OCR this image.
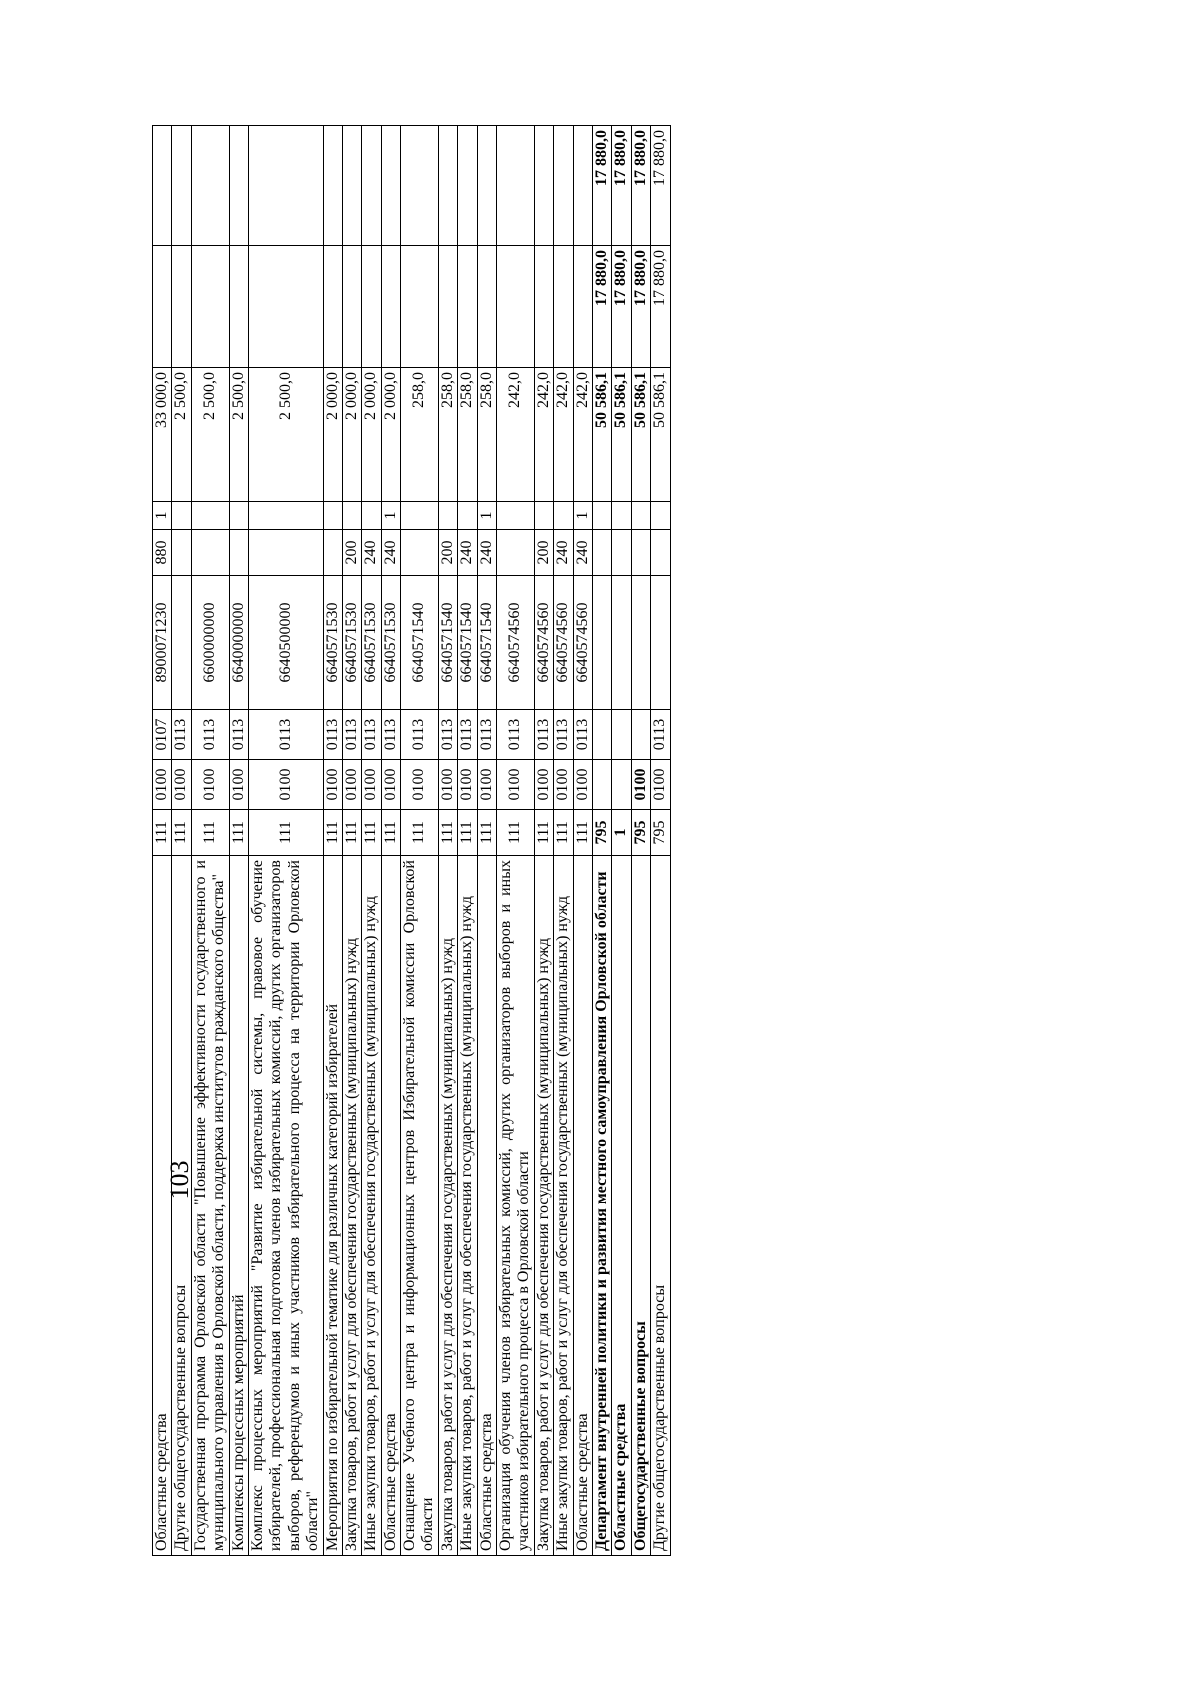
103
Областные средства	111	0100	0107	8900071230	880	1	33 000,0		
Другие общегосударственные вопросы	111	0100	0113				2 500,0		
Государственная программа Орловской области "Повышение эффективности государственного и муниципального управления в Орловской области, поддержка институтов гражданского общества"	111	0100	0113	6600000000			2 500,0		
Комплексы процессных мероприятий	111	0100	0113	6640000000			2 500,0		
Комплекс процессных мероприятий "Развитие избирательной системы, правовое обучение избирателей, профессиональная подготовка членов избирательных комиссий, других организаторов выборов, референдумов и иных участников избирательного процесса на территории Орловской области"	111	0100	0113	6640500000			2 500,0		
Мероприятия по избирательной тематике для различных категорий избирателей	111	0100	0113	6640571530			2 000,0		
Закупка товаров, работ и услуг для обеспечения государственных (муниципальных) нужд	111	0100	0113	6640571530	200		2 000,0		
Иные закупки товаров, работ и услуг для обеспечения государственных (муниципальных) нужд	111	0100	0113	6640571530	240		2 000,0		
Областные средства	111	0100	0113	6640571530	240	1	2 000,0		
Оснащение Учебного центра и информационных центров Избирательной комиссии Орловской области	111	0100	0113	6640571540			258,0		
Закупка товаров, работ и услуг для обеспечения государственных (муниципальных) нужд	111	0100	0113	6640571540	200		258,0		
Иные закупки товаров, работ и услуг для обеспечения государственных (муниципальных) нужд	111	0100	0113	6640571540	240		258,0		
Областные средства	111	0100	0113	6640571540	240	1	258,0		
Организация обучения членов избирательных комиссий, других организаторов выборов и иных участников избирательного процесса в Орловской области	111	0100	0113	6640574560			242,0		
Закупка товаров, работ и услуг для обеспечения государственных (муниципальных) нужд	111	0100	0113	6640574560	200		242,0		
Иные закупки товаров, работ и услуг для обеспечения государственных (муниципальных) нужд	111	0100	0113	6640574560	240		242,0		
Областные средства	111	0100	0113	6640574560	240	1	242,0		
Департамент внутренней политики и развития местного самоуправления Орловской области	795						50 586,1	17 880,0	17 880,0
Областные средства	1						50 586,1	17 880,0	17 880,0
Общегосударственные вопросы	795	0100					50 586,1	17 880,0	17 880,0
Другие общегосударственные вопросы	795	0100	0113				50 586,1	17 880,0	17 880,0
